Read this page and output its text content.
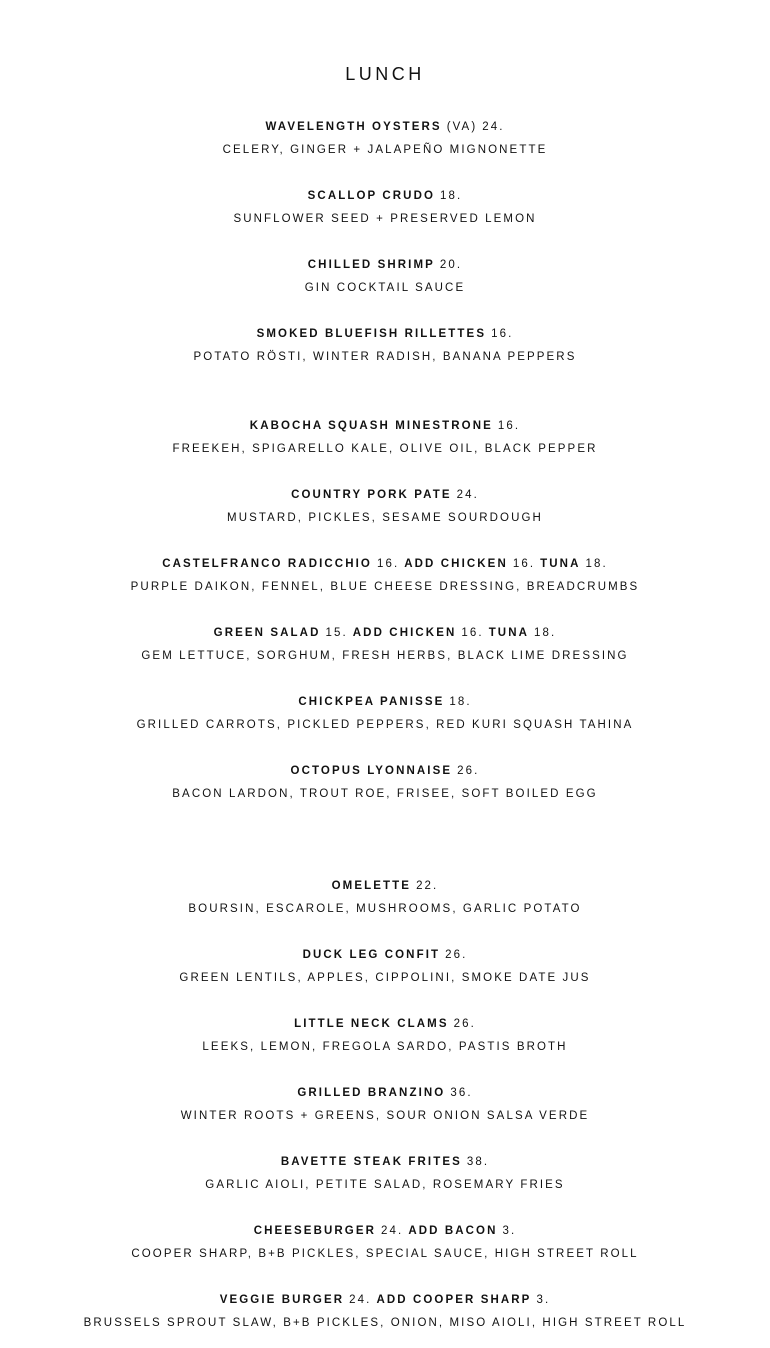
LUNCH
WAVELENGTH OYSTERS (VA) 24.
CELERY, GINGER + JALAPEÑO MIGNONETTE
SCALLOP CRUDO 18.
SUNFLOWER SEED + PRESERVED LEMON
CHILLED SHRIMP 20.
GIN COCKTAIL SAUCE
SMOKED BLUEFISH RILLETTES 16.
POTATO RÖSTI, WINTER RADISH, BANANA PEPPERS
KABOCHA SQUASH MINESTRONE 16.
FREEKEH, SPIGARELLO KALE, OLIVE OIL, BLACK PEPPER
COUNTRY PORK PATE 24.
MUSTARD, PICKLES, SESAME SOURDOUGH
CASTELFRANCO RADICCHIO 16. ADD CHICKEN 16. TUNA 18.
PURPLE DAIKON, FENNEL, BLUE CHEESE DRESSING, BREADCRUMBS
GREEN SALAD 15. ADD CHICKEN 16. TUNA 18.
GEM LETTUCE, SORGHUM, FRESH HERBS, BLACK LIME DRESSING
CHICKPEA PANISSE 18.
GRILLED CARROTS, PICKLED PEPPERS, RED KURI SQUASH TAHINA
OCTOPUS LYONNAISE 26.
BACON LARDON, TROUT ROE, FRISEE, SOFT BOILED EGG
OMELETTE 22.
BOURSIN, ESCAROLE, MUSHROOMS, GARLIC POTATO
DUCK LEG CONFIT 26.
GREEN LENTILS, APPLES, CIPPOLINI, SMOKE DATE JUS
LITTLE NECK CLAMS 26.
LEEKS, LEMON, FREGOLA SARDO, PASTIS BROTH
GRILLED BRANZINO 36.
WINTER ROOTS + GREENS, SOUR ONION SALSA VERDE
BAVETTE STEAK FRITES 38.
GARLIC AIOLI, PETITE SALAD, ROSEMARY FRIES
CHEESEBURGER 24. ADD BACON 3.
COOPER SHARP, B+B PICKLES, SPECIAL SAUCE, HIGH STREET ROLL
VEGGIE BURGER 24. ADD COOPER SHARP 3.
BRUSSELS SPROUT SLAW, B+B PICKLES, ONION, MISO AIOLI, HIGH STREET ROLL
